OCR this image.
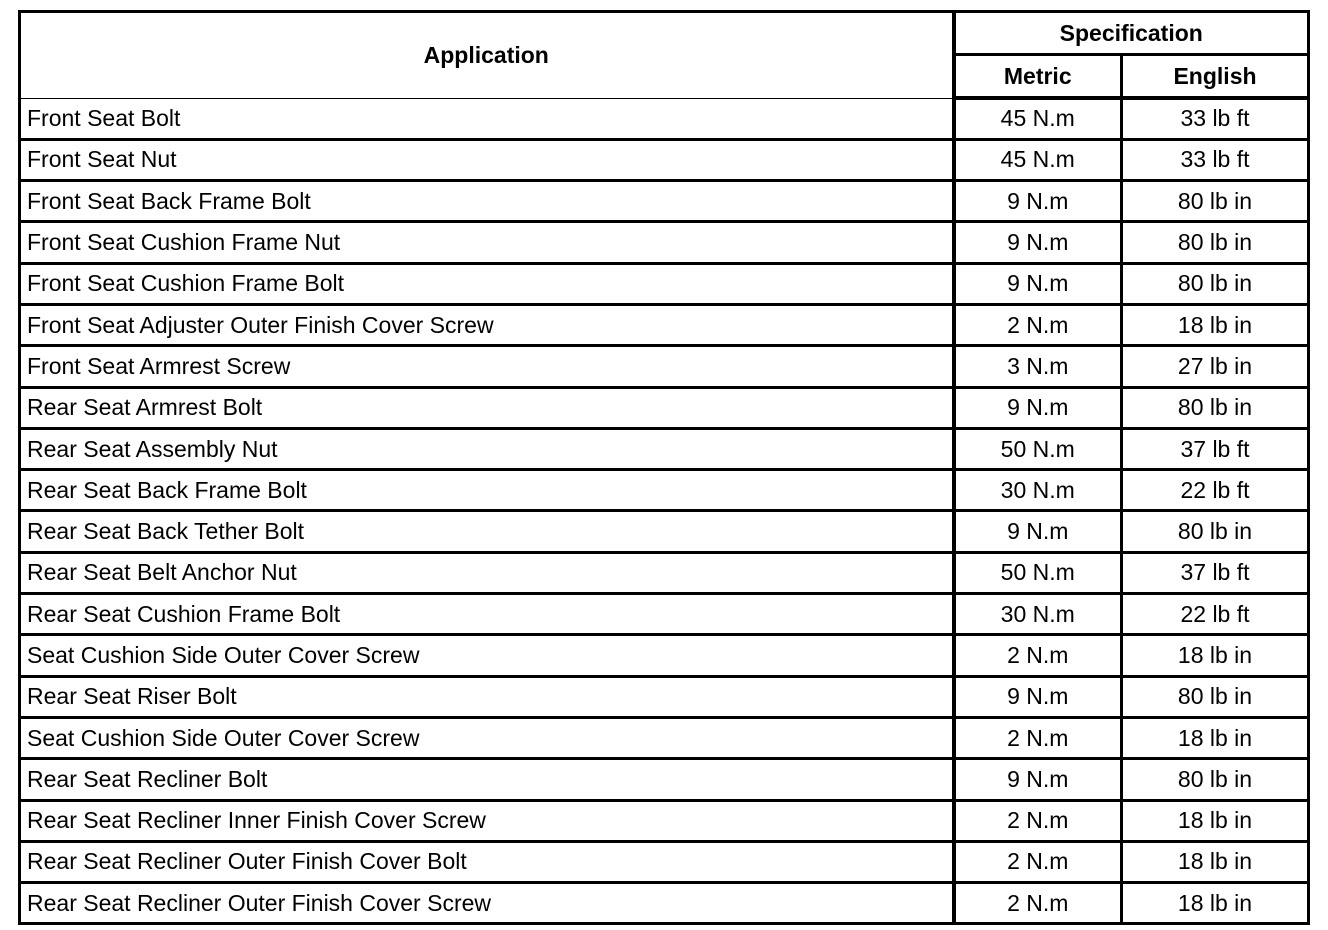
Application	Specification	
	Metric	English
Front Seat Bolt	45 N.m	33 lb ft
Front Seat Nut	45 N.m	33 lb ft
Front Seat Back Frame Bolt	9 N.m	80 lb in
Front Seat Cushion Frame Nut	9 N.m	80 lb in
Front Seat Cushion Frame Bolt	9 N.m	80 lb in
Front Seat Adjuster Outer Finish Cover Screw	2 N.m	18 lb in
Front Seat Armrest Screw	3 N.m	27 lb in
Rear Seat Armrest Bolt	9 N.m	80 lb in
Rear Seat Assembly Nut	50 N.m	37 lb ft
Rear Seat Back Frame Bolt	30 N.m	22 lb ft
Rear Seat Back Tether Bolt	9 N.m	80 lb in
Rear Seat Belt Anchor Nut	50 N.m	37 lb ft
Rear Seat Cushion Frame Bolt	30 N.m	22 lb ft
Seat Cushion Side Outer Cover Screw	2 N.m	18 lb in
Rear Seat Riser Bolt	9 N.m	80 lb in
Seat Cushion Side Outer Cover Screw	2 N.m	18 lb in
Rear Seat Recliner Bolt	9 N.m	80 lb in
Rear Seat Recliner Inner Finish Cover Screw	2 N.m	18 lb in
Rear Seat Recliner Outer Finish Cover Bolt	2 N.m	18 lb in
Rear Seat Recliner Outer Finish Cover Screw	2 N.m	18 lb in
